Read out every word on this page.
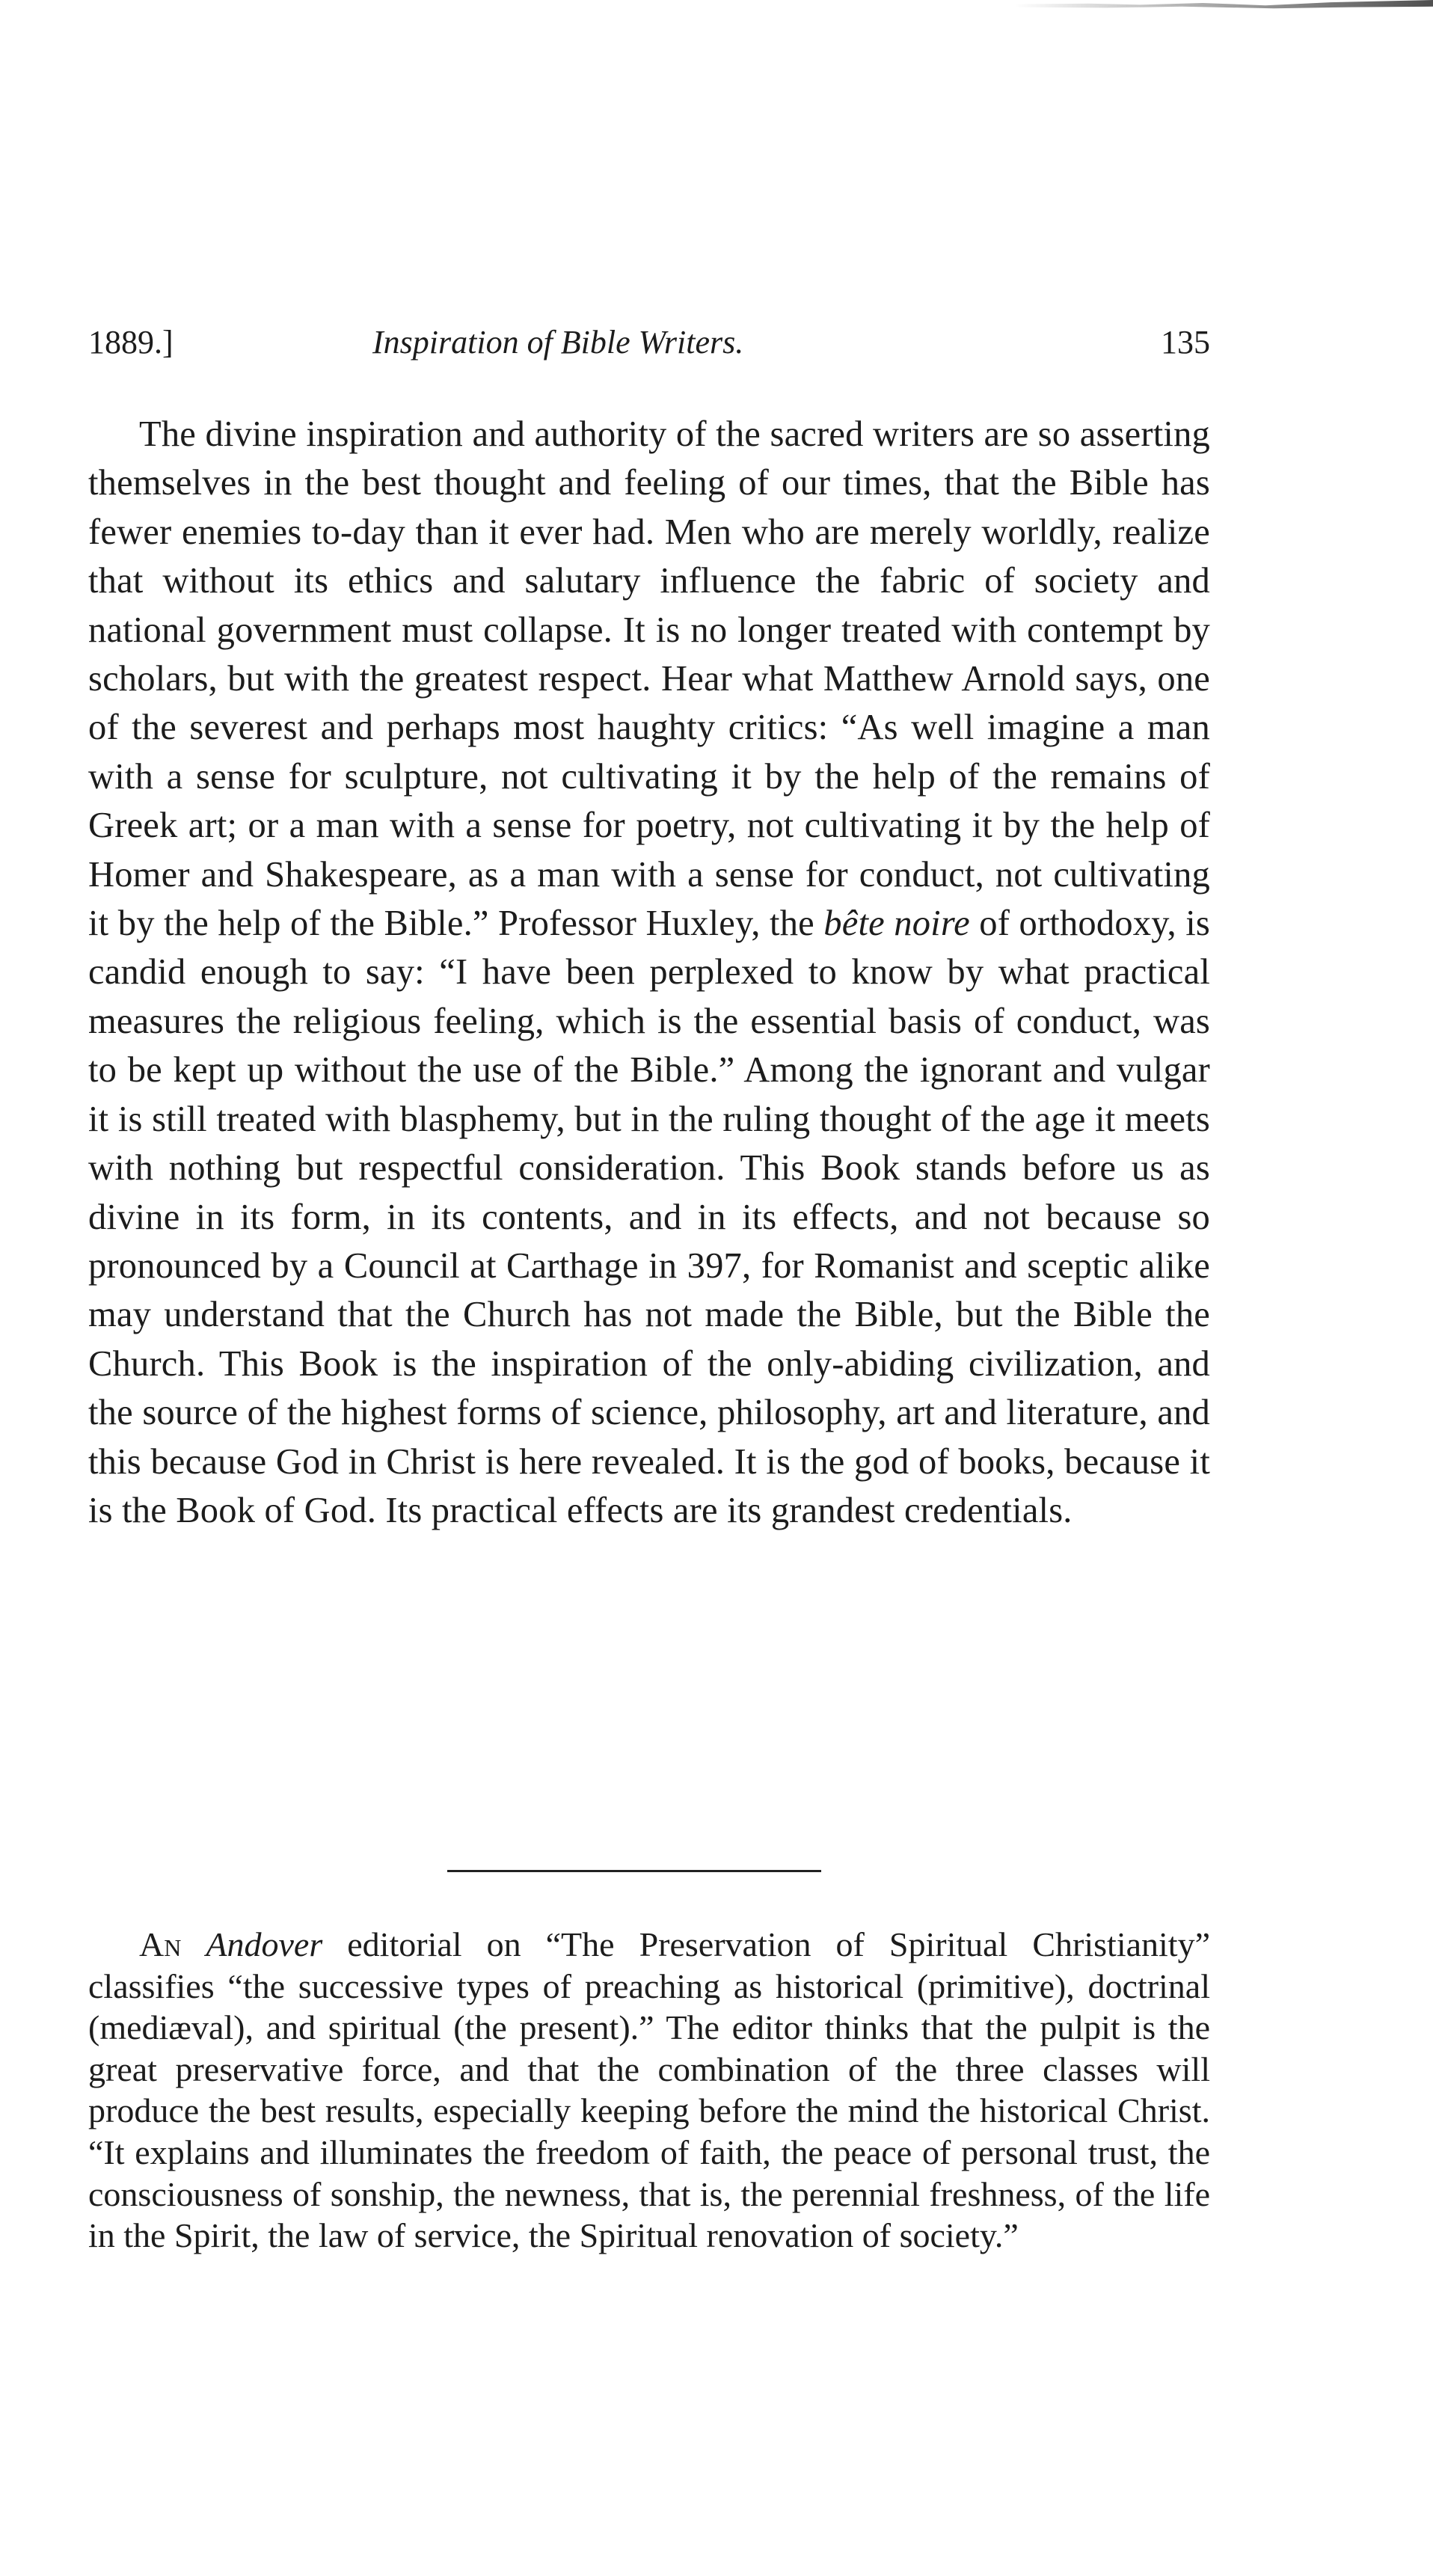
1889.]	Inspiration of Bible Writers.	135

The divine inspiration and authority of the sacred writers are so asserting themselves in the best thought and feeling of our times, that the Bible has fewer enemies to-day than it ever had. Men who are merely worldly, realize that without its ethics and salutary influence the fabric of society and national government must collapse. It is no longer treated with contempt by scholars, but with the greatest respect. Hear what Matthew Arnold says, one of the severest and perhaps most haughty critics: “As well imagine a man with a sense for sculpture, not cultivating it by the help of the remains of Greek art; or a man with a sense for poetry, not cultivating it by the help of Homer and Shakespeare, as a man with a sense for conduct, not cultivating it by the help of the Bible.” Professor Huxley, the bête noire of orthodoxy, is candid enough to say: “I have been perplexed to know by what practical measures the religious feeling, which is the essential basis of conduct, was to be kept up without the use of the Bible.” Among the ignorant and vulgar it is still treated with blasphemy, but in the ruling thought of the age it meets with nothing but respectful consideration. This Book stands before us as divine in its form, in its contents, and in its effects, and not because so pronounced by a Council at Carthage in 397, for Romanist and sceptic alike may understand that the Church has not made the Bible, but the Bible the Church. This Book is the inspiration of the only-abiding civilization, and the source of the highest forms of science, philosophy, art and literature, and this because God in Christ is here revealed. It is the god of books, because it is the Book of God. Its practical effects are its grandest credentials.

An Andover editorial on “The Preservation of Spiritual Christianity” classifies “the successive types of preaching as historical (primitive), doctrinal (mediæval), and spiritual (the present).” The editor thinks that the pulpit is the great preservative force, and that the combination of the three classes will produce the best results, especially keeping before the mind the historical Christ. “It explains and illuminates the freedom of faith, the peace of personal trust, the consciousness of sonship, the newness, that is, the perennial freshness, of the life in the Spirit, the law of service, the Spiritual renovation of society.”
